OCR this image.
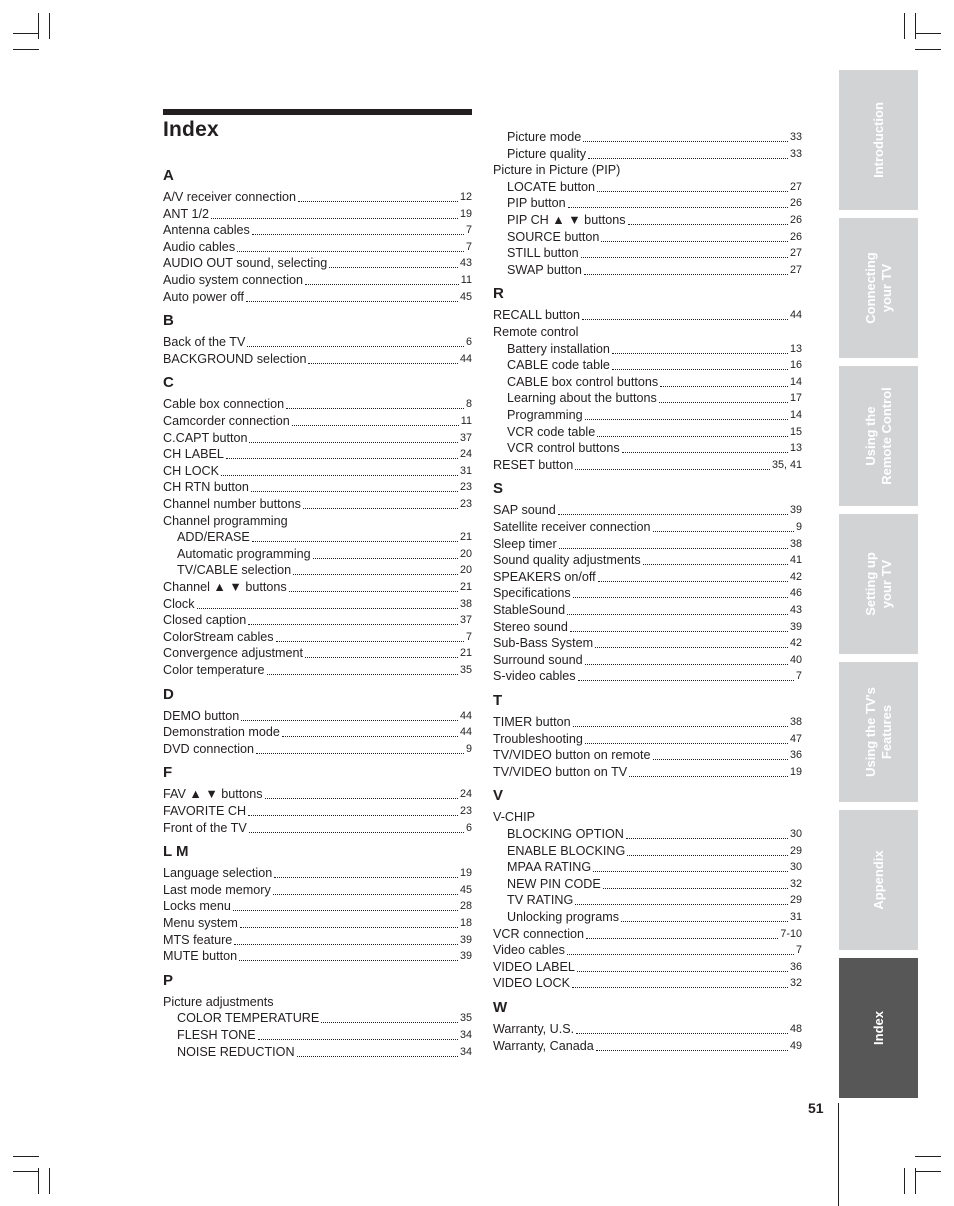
Index
A
A/V receiver connection	12
ANT 1/2	19
Antenna cables	7
Audio cables	7
AUDIO OUT sound, selecting	43
Audio system connection	11
Auto power off	45
B
Back of the TV	6
BACKGROUND selection	44
C
Cable box connection	8
Camcorder connection	11
C.CAPT button	37
CH LABEL	24
CH LOCK	31
CH RTN button	23
Channel number buttons	23
Channel programming
ADD/ERASE	21
Automatic programming	20
TV/CABLE selection	20
Channel ▲ ▼ buttons	21
Clock	38
Closed caption	37
ColorStream cables	7
Convergence adjustment	21
Color temperature	35
D
DEMO button	44
Demonstration mode	44
DVD connection	9
F
FAV ▲ ▼ buttons	24
FAVORITE CH	23
Front of the TV	6
L M
Language selection	19
Last mode memory	45
Locks menu	28
Menu system	18
MTS feature	39
MUTE button	39
P
Picture adjustments
COLOR TEMPERATURE	35
FLESH TONE	34
NOISE REDUCTION	34
Picture mode	33
Picture quality	33
Picture in Picture (PIP)
LOCATE button	27
PIP button	26
PIP CH ▲ ▼ buttons	26
SOURCE button	26
STILL button	27
SWAP button	27
R
RECALL button	44
Remote control
Battery installation	13
CABLE code table	16
CABLE box control buttons	14
Learning about the buttons	17
Programming	14
VCR code table	15
VCR control buttons	13
RESET button	35, 41
S
SAP sound	39
Satellite receiver connection	9
Sleep timer	38
Sound quality adjustments	41
SPEAKERS on/off	42
Specifications	46
StableSound	43
Stereo sound	39
Sub-Bass System	42
Surround sound	40
S-video cables	7
T
TIMER button	38
Troubleshooting	47
TV/VIDEO button on remote	36
TV/VIDEO button on TV	19
V
V-CHIP
BLOCKING OPTION	30
ENABLE BLOCKING	29
MPAA RATING	30
NEW PIN CODE	32
TV RATING	29
Unlocking programs	31
VCR connection	7-10
Video cables	7
VIDEO LABEL	36
VIDEO LOCK	32
W
Warranty, U.S.	48
Warranty, Canada	49
Introduction
Connecting
your TV
Using the
Remote Control
Setting up
your TV
Using the TV's
Features
Appendix
Index
51
